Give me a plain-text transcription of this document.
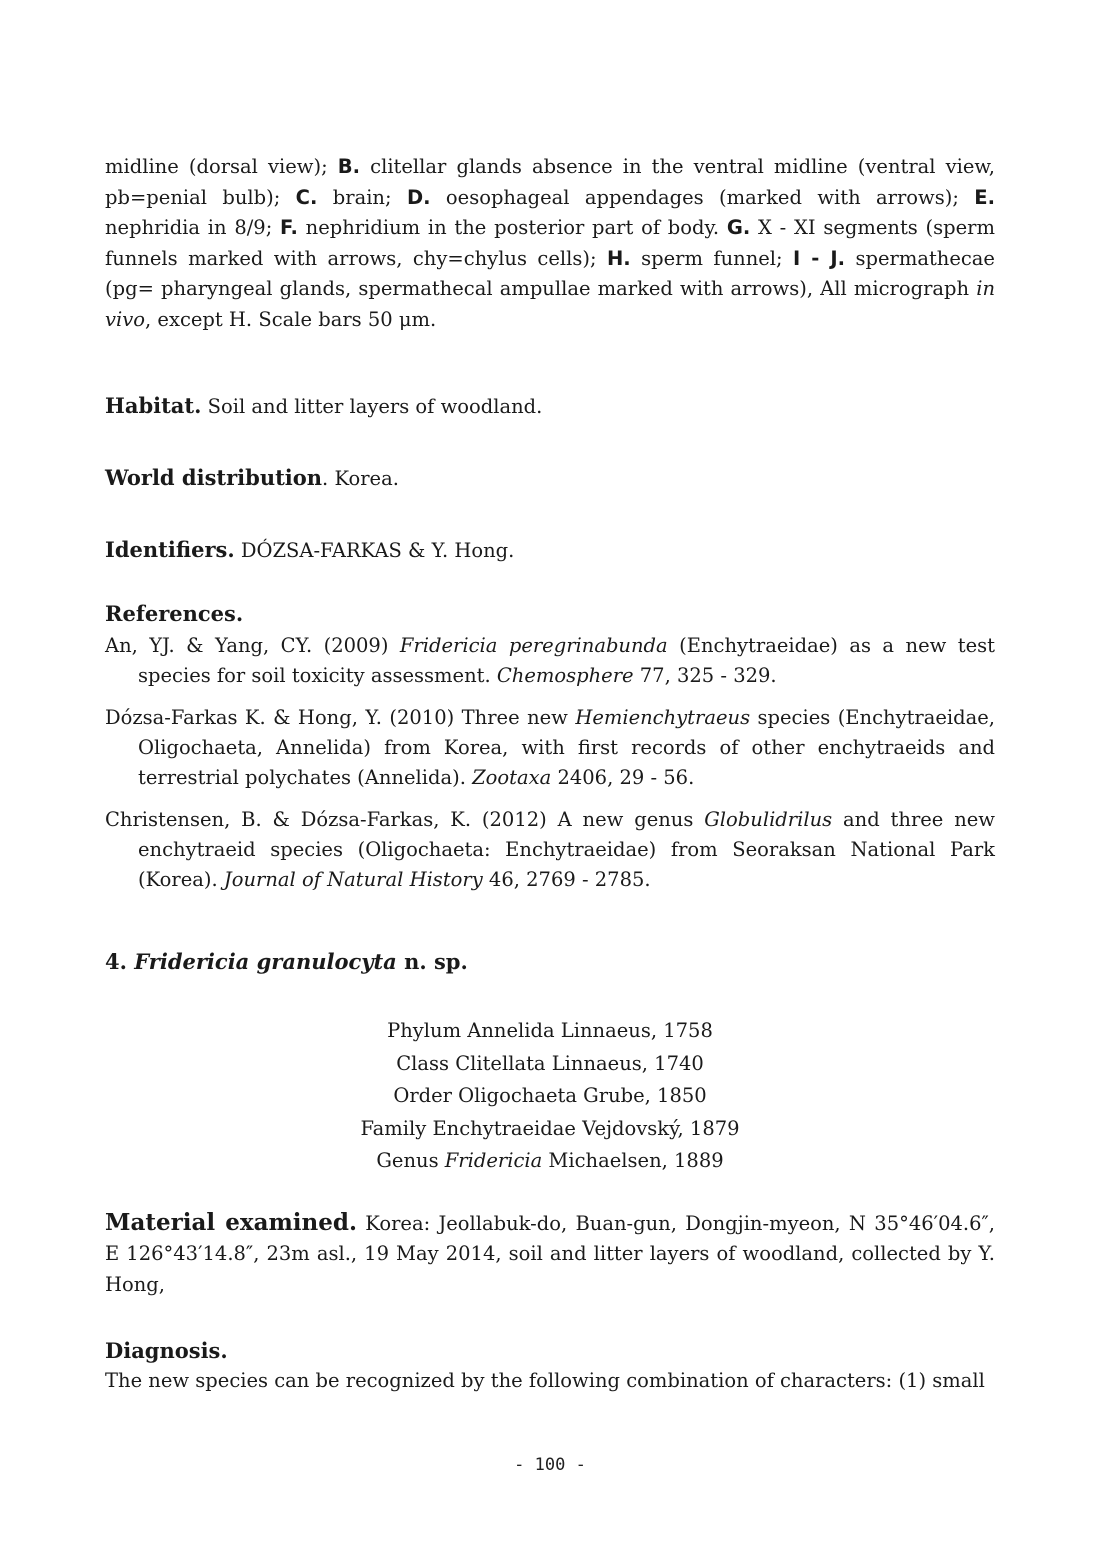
midline (dorsal view); B. clitellar glands absence in the ventral midline (ventral view, pb=penial bulb); C. brain; D. oesophageal appendages (marked with arrows); E. nephridia in 8/9; F. nephridium in the posterior part of body. G. X - XI segments (sperm funnels marked with arrows, chy=chylus cells); H. sperm funnel; I - J. spermathecae (pg= pharyngeal glands, spermathecal ampullae marked with arrows), All micrograph in vivo, except H. Scale bars 50 μm.

Habitat. Soil and litter layers of woodland.

World distribution. Korea.

Identifiers. DÓZSA-FARKAS & Y. Hong.

References.

An, YJ. & Yang, CY. (2009) Fridericia peregrinabunda (Enchytraeidae) as a new test species for soil toxicity assessment. Chemosphere 77, 325 - 329.
Dózsa-Farkas K. & Hong, Y. (2010) Three new Hemienchytraeus species (Enchytraeidae, Oligochaeta, Annelida) from Korea, with first records of other enchytraeids and terrestrial polychates (Annelida). Zootaxa 2406, 29 - 56.
Christensen, B. & Dózsa-Farkas, K. (2012) A new genus Globulidrilus and three new enchytraeid species (Oligochaeta: Enchytraeidae) from Seoraksan National Park (Korea). Journal of Natural History 46, 2769 - 2785.

4. Fridericia granulocyta n. sp.

Phylum Annelida Linnaeus, 1758

Class Clitellata Linnaeus, 1740

Order Oligochaeta Grube, 1850

Family Enchytraeidae Vejdovský, 1879

Genus Fridericia Michaelsen, 1889

Material examined. Korea: Jeollabuk-do, Buan-gun, Dongjin-myeon, N 35°46′04.6″, E 126°43′14.8″, 23m asl., 19 May 2014, soil and litter layers of woodland, collected by Y. Hong,

Diagnosis.

The new species can be recognized by the following combination of characters: (1) small

- 100 -
